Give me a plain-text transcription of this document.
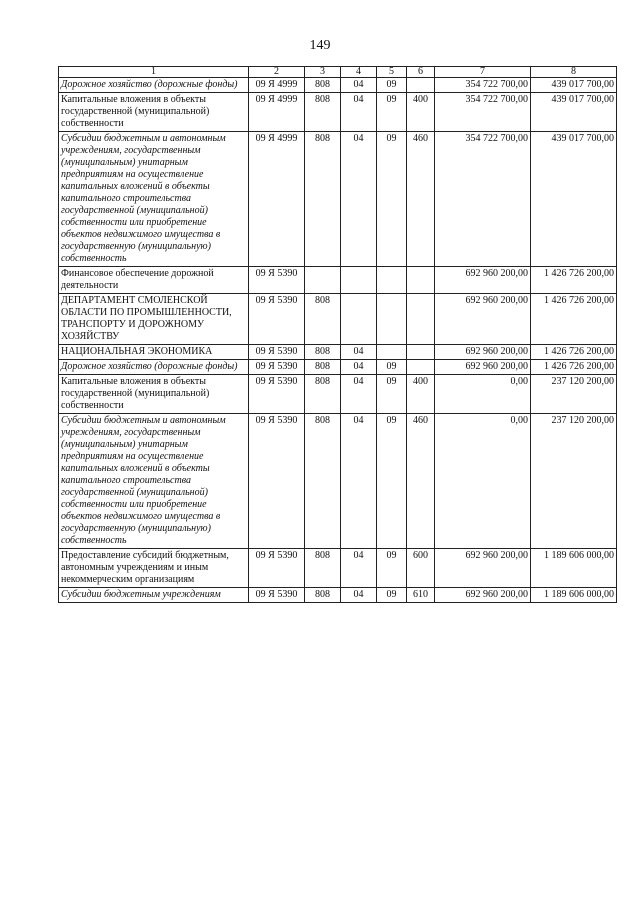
149
1	2	3	4	5	6	7	8
Дорожное хозяйство (дорожные фонды)	09 Я 4999	808	04	09		354 722 700,00	439 017 700,00
Капитальные вложения в объекты государственной (муниципальной) собственности	09 Я 4999	808	04	09	400	354 722 700,00	439 017 700,00
Субсидии бюджетным и автономным учреждениям, государственным (муниципальным) унитарным предприятиям на осуществление капитальных вложений в объекты капитального строительства государственной (муниципальной) собственности или приобретение объектов недвижимого имущества в государственную (муниципальную) собственность	09 Я 4999	808	04	09	460	354 722 700,00	439 017 700,00
Финансовое обеспечение дорожной деятельности	09 Я 5390					692 960 200,00	1 426 726 200,00
ДЕПАРТАМЕНТ СМОЛЕНСКОЙ ОБЛАСТИ ПО ПРОМЫШЛЕННОСТИ, ТРАНСПОРТУ И ДОРОЖНОМУ ХОЗЯЙСТВУ	09 Я 5390	808				692 960 200,00	1 426 726 200,00
НАЦИОНАЛЬНАЯ ЭКОНОМИКА	09 Я 5390	808	04			692 960 200,00	1 426 726 200,00
Дорожное хозяйство (дорожные фонды)	09 Я 5390	808	04	09		692 960 200,00	1 426 726 200,00
Капитальные вложения в объекты государственной (муниципальной) собственности	09 Я 5390	808	04	09	400	0,00	237 120 200,00
Субсидии бюджетным и автономным учреждениям, государственным (муниципальным) унитарным предприятиям на осуществление капитальных вложений в объекты капитального строительства государственной (муниципальной) собственности или приобретение объектов недвижимого имущества в государственную (муниципальную) собственность	09 Я 5390	808	04	09	460	0,00	237 120 200,00
Предоставление субсидий бюджетным, автономным учреждениям и иным некоммерческим организациям	09 Я 5390	808	04	09	600	692 960 200,00	1 189 606 000,00
Субсидии бюджетным учреждениям	09 Я 5390	808	04	09	610	692 960 200,00	1 189 606 000,00
